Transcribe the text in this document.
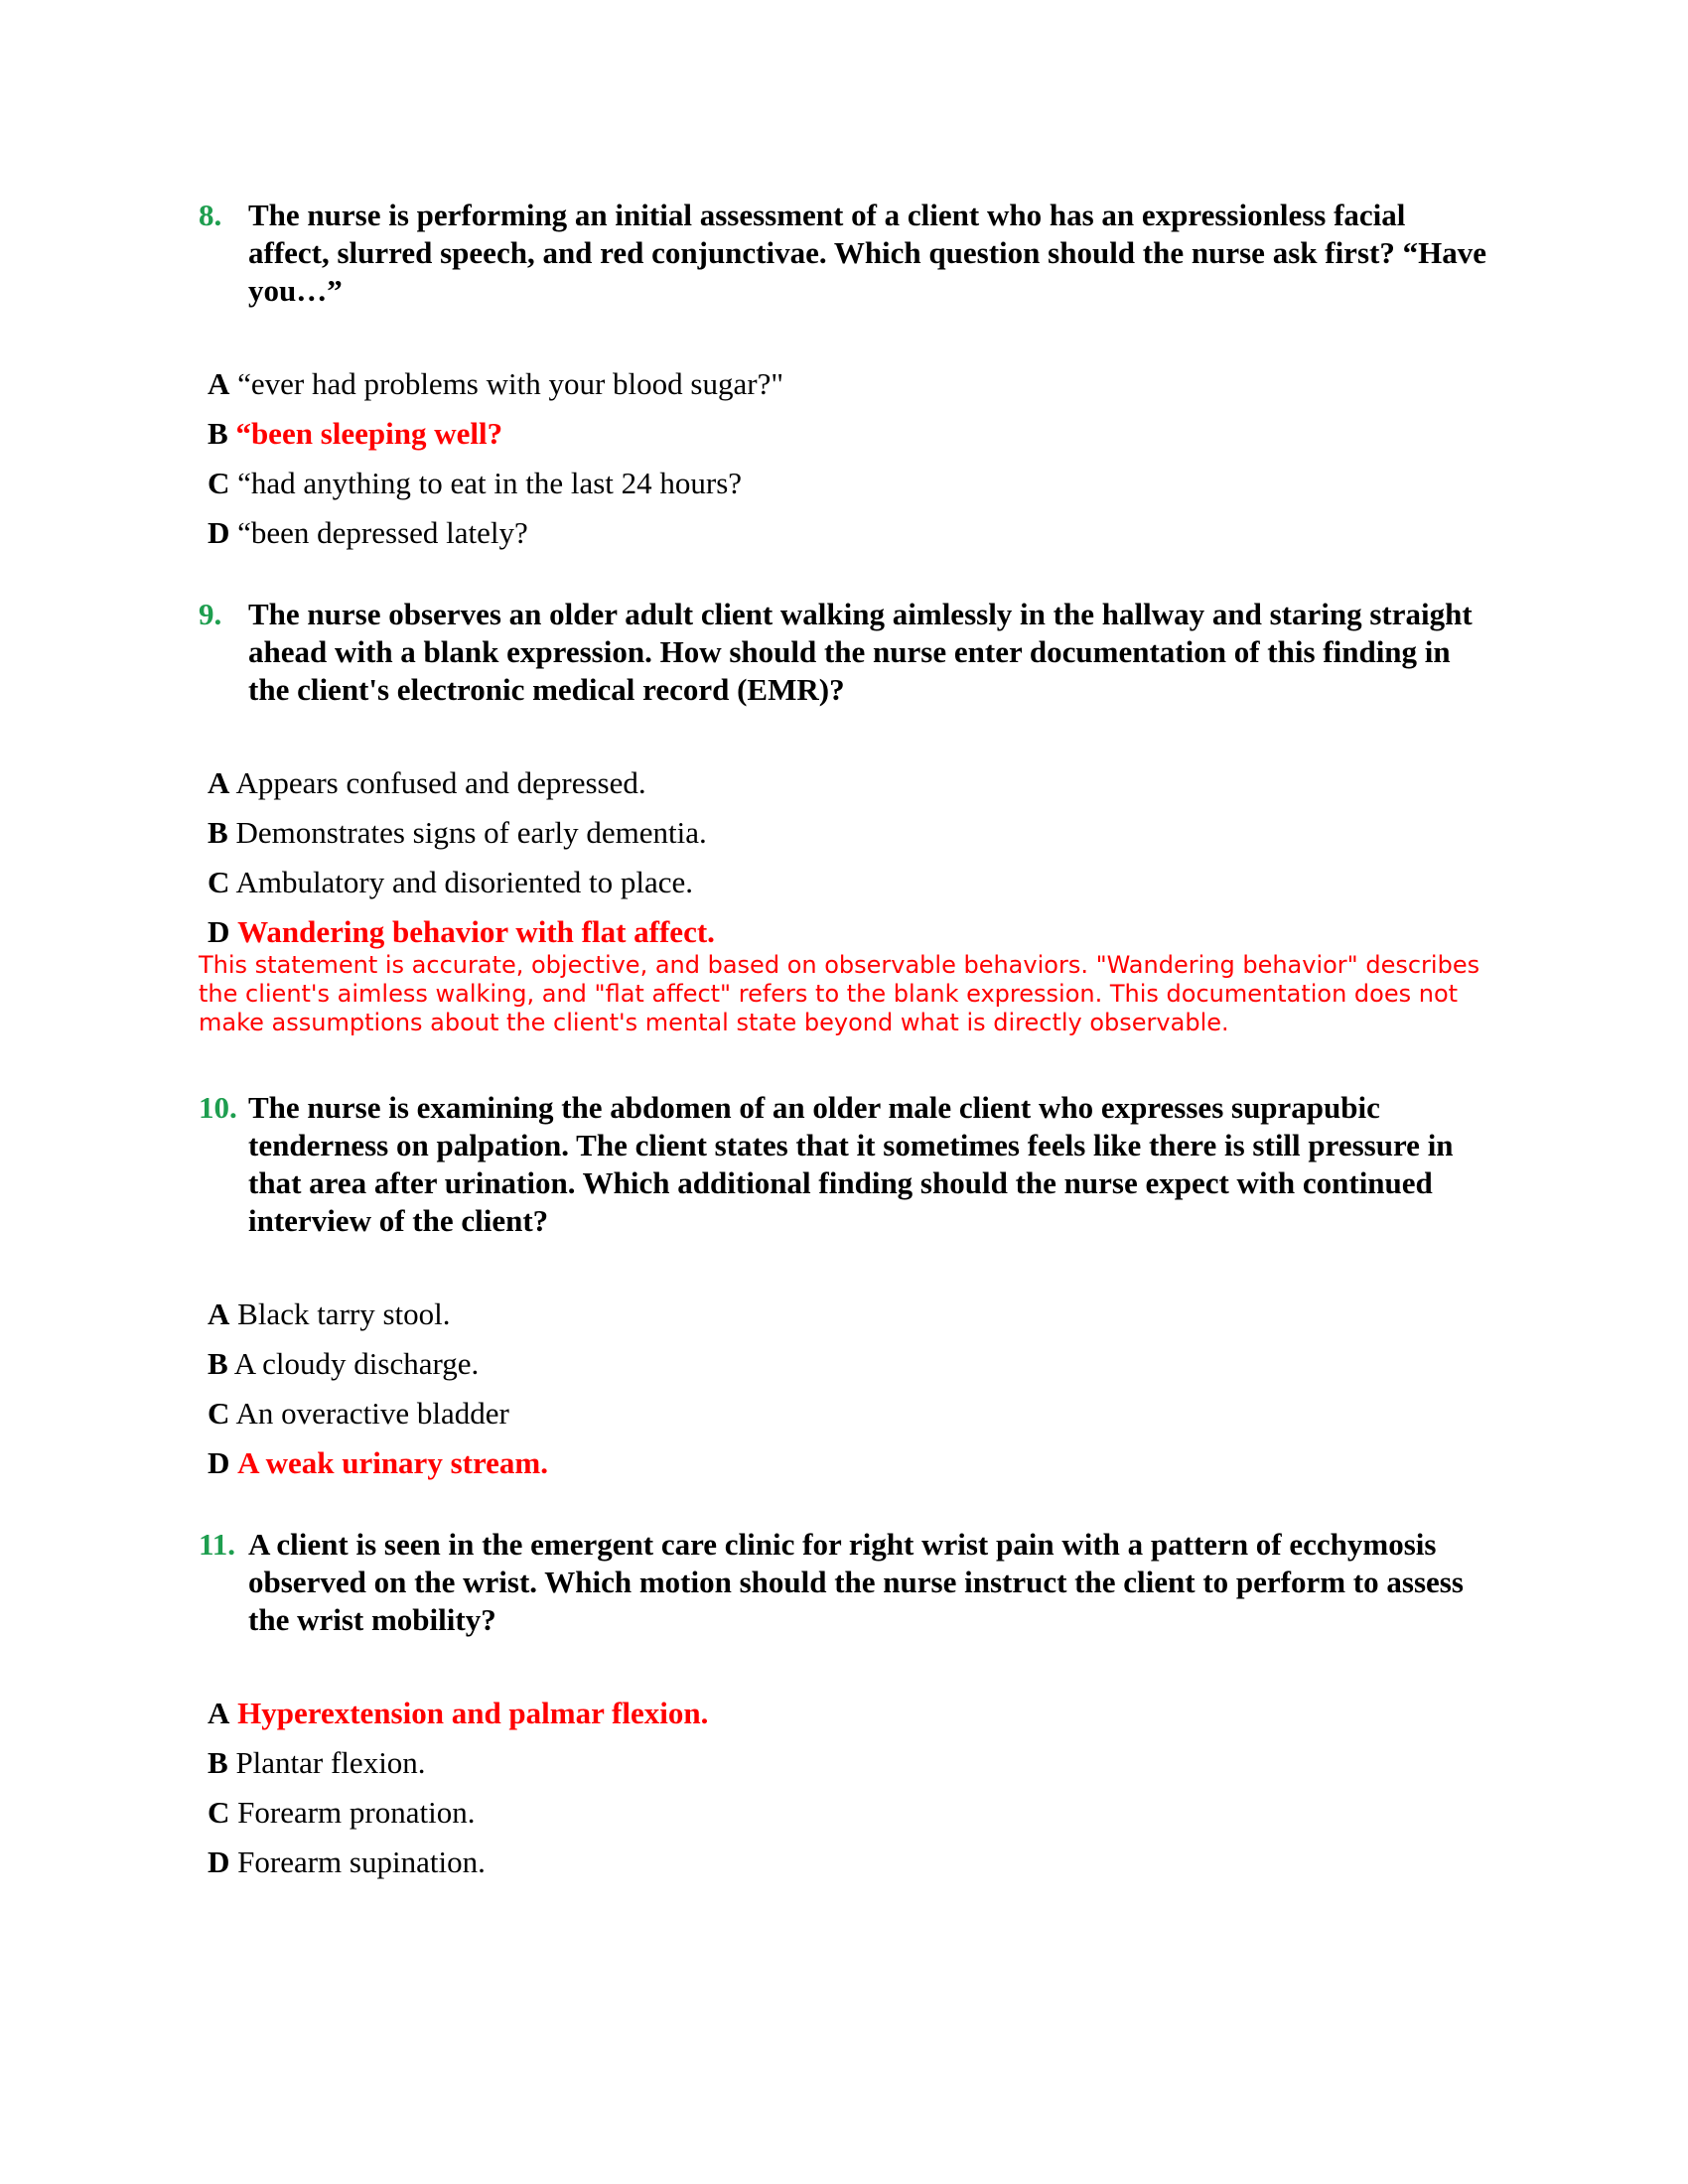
8. The nurse is performing an initial assessment of a client who has an expressionless facial affect, slurred speech, and red conjunctivae. Which question should the nurse ask first? “Have you…”
A “ever had problems with your blood sugar?"
B “been sleeping well?
C “had anything to eat in the last 24 hours?
D “been depressed lately?
9. The nurse observes an older adult client walking aimlessly in the hallway and staring straight ahead with a blank expression. How should the nurse enter documentation of this finding in the client's electronic medical record (EMR)?
A Appears confused and depressed.
B Demonstrates signs of early dementia.
C Ambulatory and disoriented to place.
D Wandering behavior with flat affect.
This statement is accurate, objective, and based on observable behaviors. "Wandering behavior" describes the client's aimless walking, and "flat affect" refers to the blank expression. This documentation does not make assumptions about the client's mental state beyond what is directly observable.
10. The nurse is examining the abdomen of an older male client who expresses suprapubic tenderness on palpation. The client states that it sometimes feels like there is still pressure in that area after urination. Which additional finding should the nurse expect with continued interview of the client?
A Black tarry stool.
B A cloudy discharge.
C An overactive bladder
D A weak urinary stream.
11. A client is seen in the emergent care clinic for right wrist pain with a pattern of ecchymosis observed on the wrist. Which motion should the nurse instruct the client to perform to assess the wrist mobility?
A Hyperextension and palmar flexion.
B Plantar flexion.
C Forearm pronation.
D Forearm supination.
